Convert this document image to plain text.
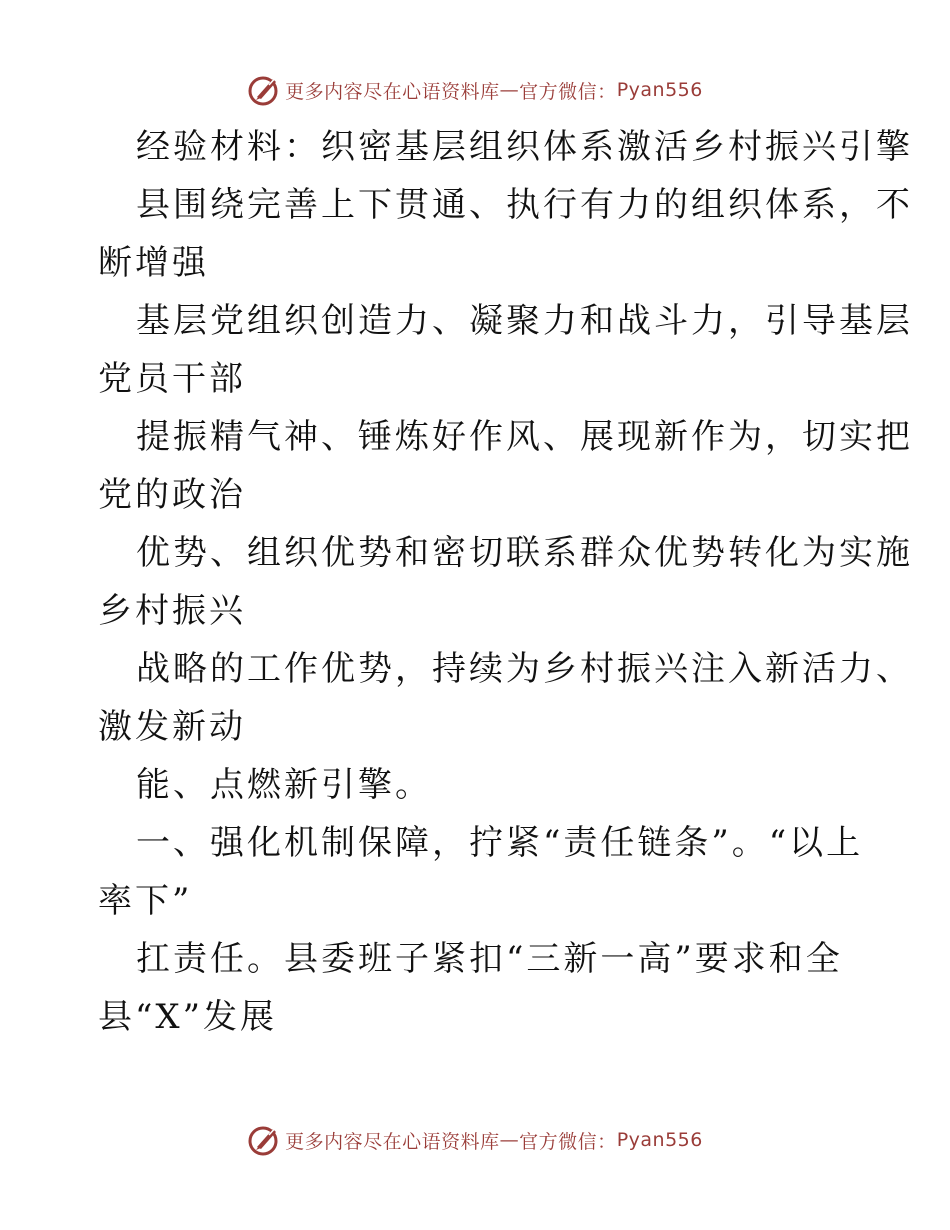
更多内容尽在心语资料库 — 官方微信： Pyan556
经验材料：织密基层组织体系激活乡村振兴引擎
县围绕完善上下贯通、执行有力的组织体系，不
断增强
基层党组织创造力、凝聚力和战斗力，引导基层
党员干部
提振精气神、锤炼好作风、展现新作为，切实把
党的政治
优势、组织优势和密切联系群众优势转化为实施
乡村振兴
战略的工作优势，持续为乡村振兴注入新活力、
激发新动
能、点燃新引擎。
一、强化机制保障，拧紧“责任链条”。“以上
率下”
扛责任。县委班子紧扣“三新一高”要求和全
县“X”发展
更多内容尽在心语资料库 — 官方微信： Pyan556
